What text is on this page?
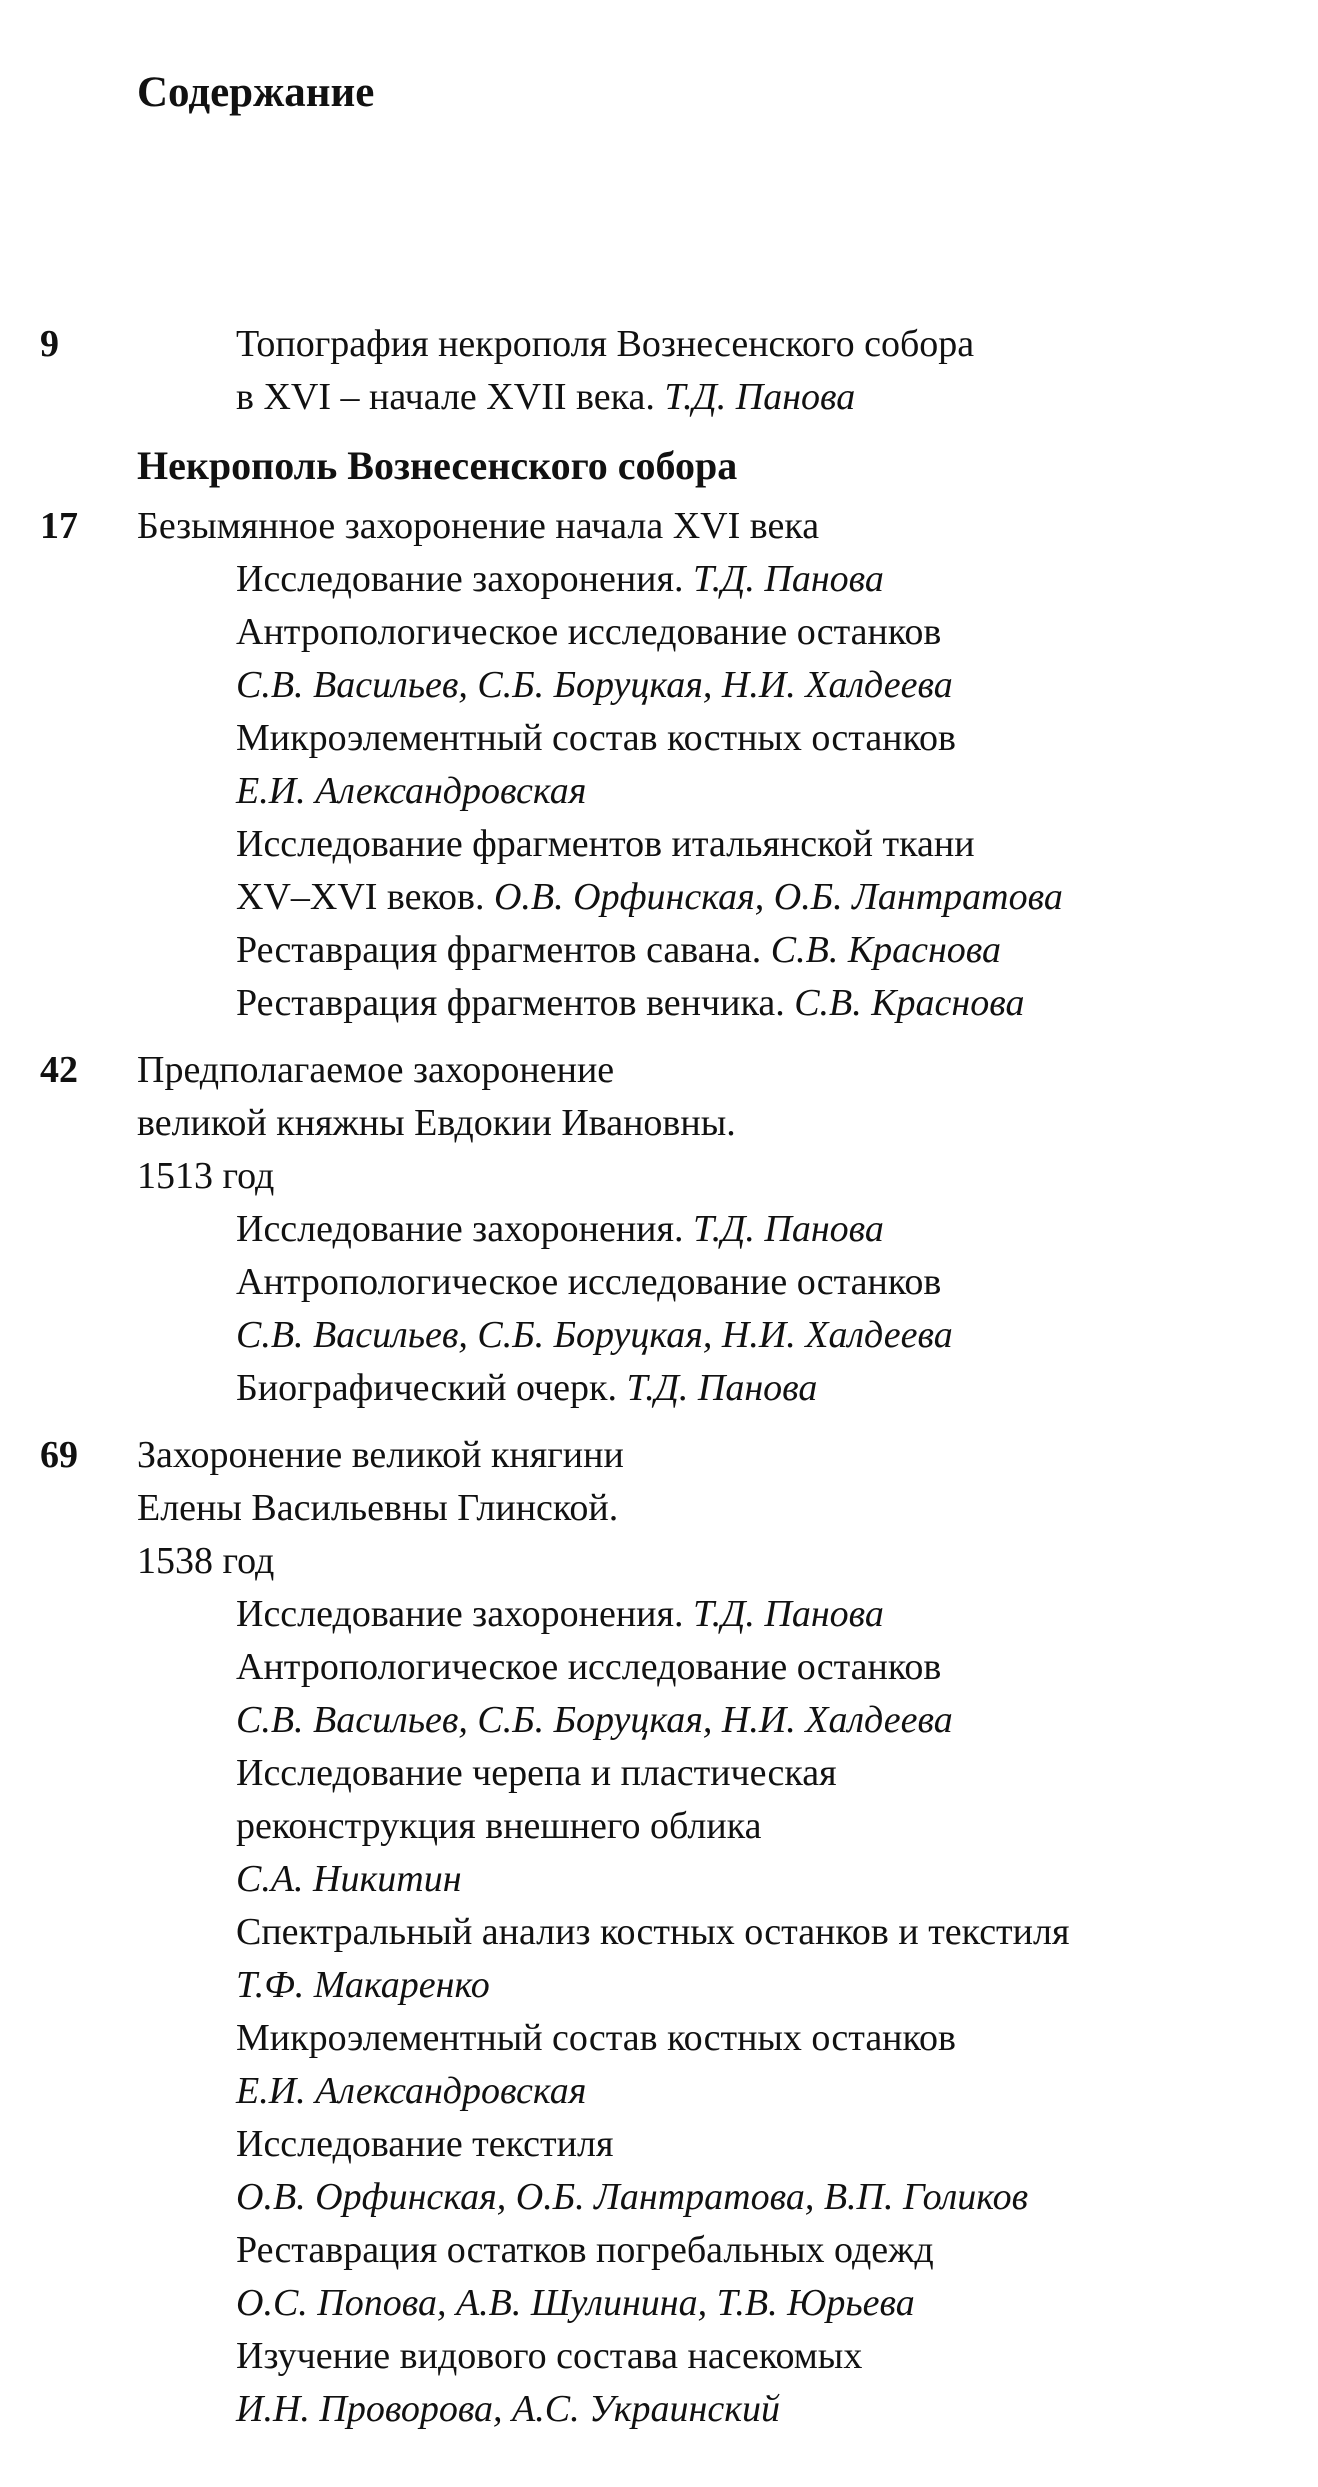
Содержание
9	Топография некрополя Вознесенского собора
в XVI – начале XVII века. Т.Д. Панова
Некрополь Вознесенского собора
17	Безымянное захоронение начала XVI века
Исследование захоронения. Т.Д. Панова
Антропологическое исследование останков
С.В. Васильев, С.Б. Боруцкая, Н.И. Халдеева
Микроэлементный состав костных останков
Е.И. Александровская
Исследование фрагментов итальянской ткани
XV–XVI веков. О.В. Орфинская, О.Б. Лантратова
Реставрация фрагментов савана. С.В. Краснова
Реставрация фрагментов венчика. С.В. Краснова
42	Предполагаемое захоронение
великой княжны Евдокии Ивановны.
1513 год
Исследование захоронения. Т.Д. Панова
Антропологическое исследование останков
С.В. Васильев, С.Б. Боруцкая, Н.И. Халдеева
Биографический очерк. Т.Д. Панова
69	Захоронение великой княгини
Елены Васильевны Глинской.
1538 год
Исследование захоронения. Т.Д. Панова
Антропологическое исследование останков
С.В. Васильев, С.Б. Боруцкая, Н.И. Халдеева
Исследование черепа и пластическая
реконструкция внешнего облика
С.А. Никитин
Спектральный анализ костных останков и текстиля
Т.Ф. Макаренко
Микроэлементный состав костных останков
Е.И. Александровская
Исследование текстиля
О.В. Орфинская, О.Б. Лантратова, В.П. Голиков
Реставрация остатков погребальных одежд
О.С. Попова, А.В. Шулинина, Т.В. Юрьева
Изучение видового состава насекомых
И.Н. Проворова, А.С. Украинский
